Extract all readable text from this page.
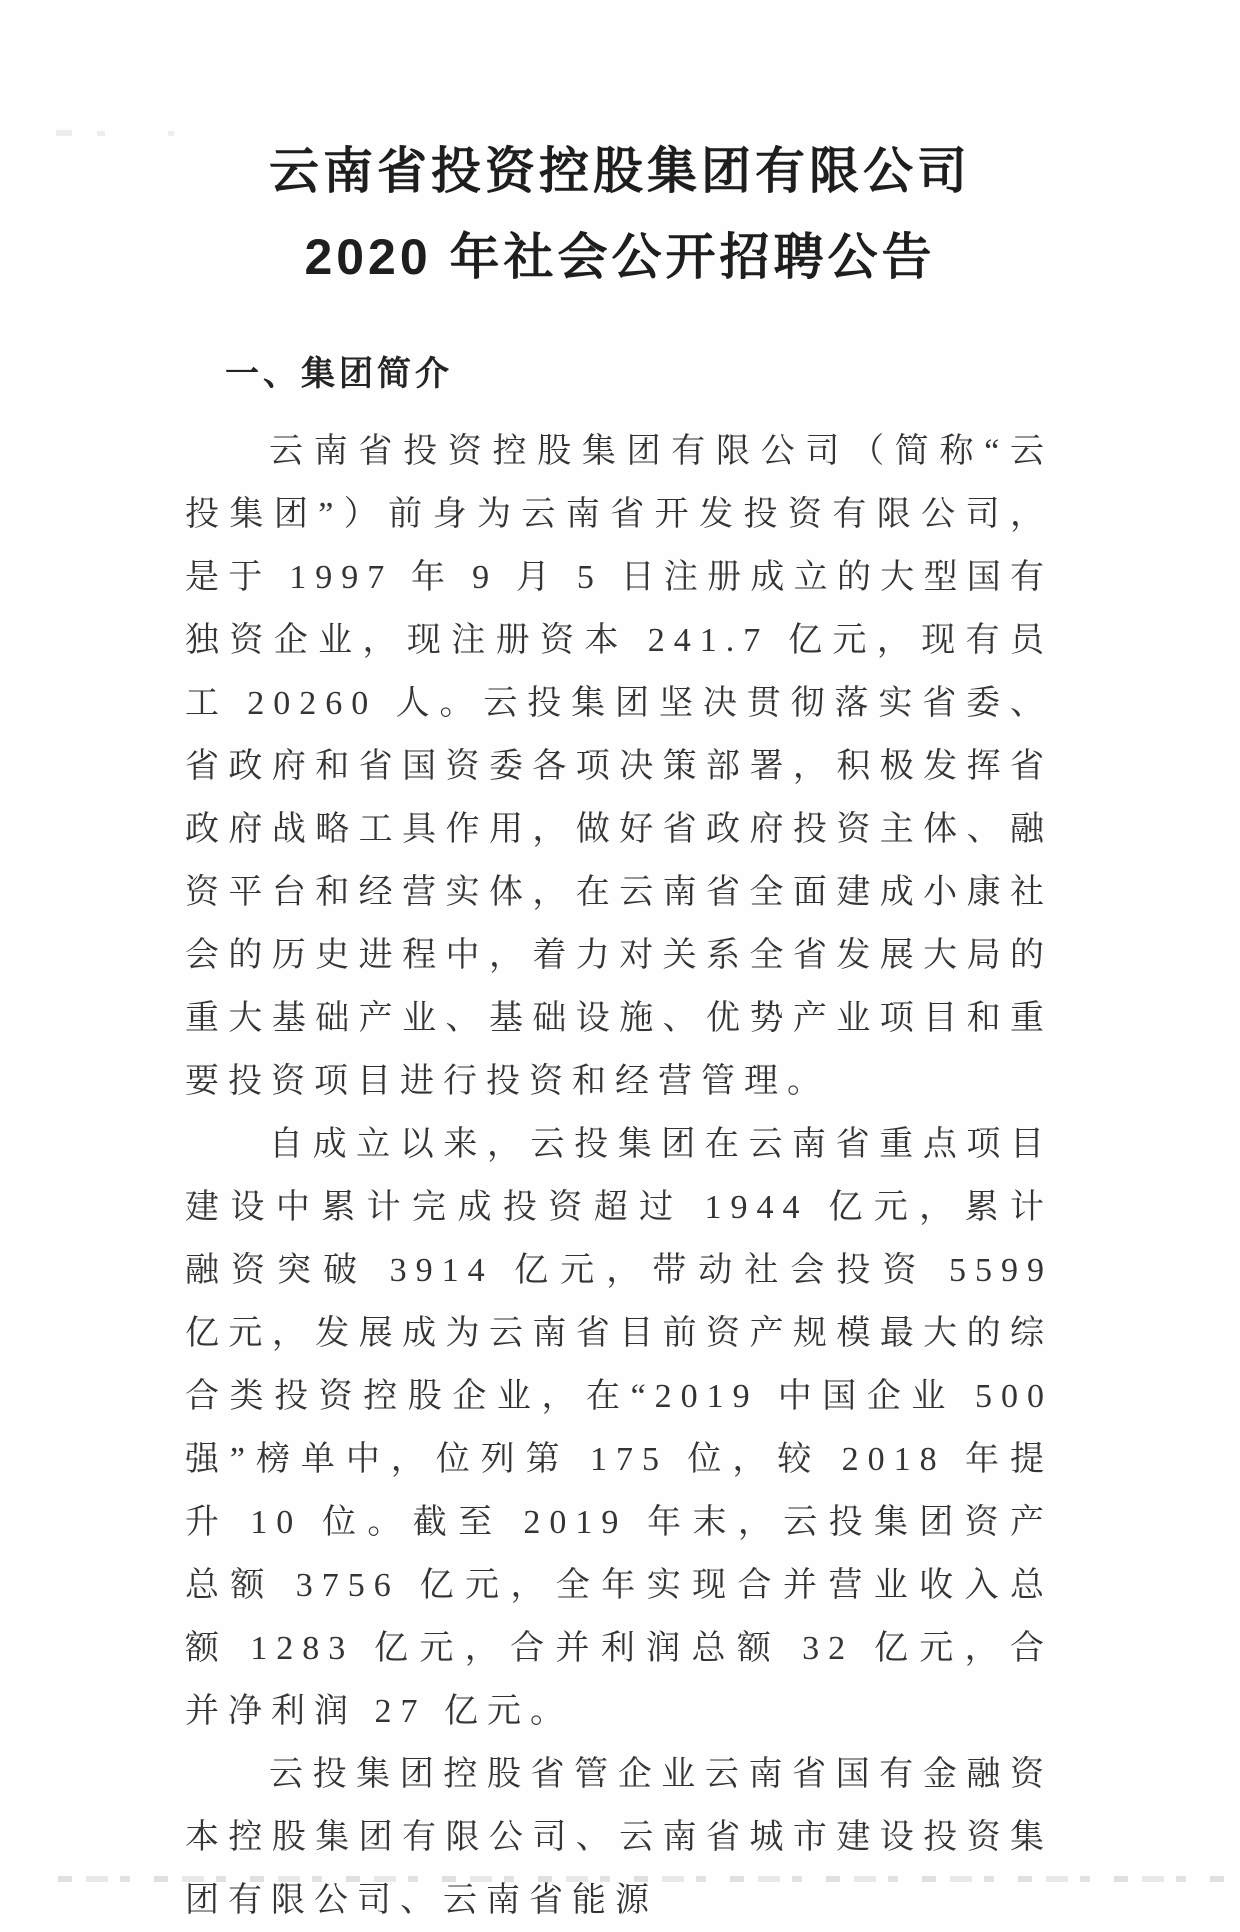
云南省投资控股集团有限公司
2020 年社会公开招聘公告
一、集团简介

云南省投资控股集团有限公司（简称“云投集团”）前身为云南省开发投资有限公司，是于 1997 年 9 月 5 日注册成立的大型国有独资企业，现注册资本 241.7 亿元，现有员工 20260 人。云投集团坚决贯彻落实省委、省政府和省国资委各项决策部署，积极发挥省政府战略工具作用，做好省政府投资主体、融资平台和经营实体，在云南省全面建成小康社会的历史进程中，着力对关系全省发展大局的重大基础产业、基础设施、优势产业项目和重要投资项目进行投资和经营管理。

自成立以来，云投集团在云南省重点项目建设中累计完成投资超过 1944 亿元，累计融资突破 3914 亿元，带动社会投资 5599 亿元，发展成为云南省目前资产规模最大的综合类投资控股企业，在“2019 中国企业 500 强”榜单中，位列第 175 位，较 2018 年提升 10 位。截至 2019 年末，云投集团资产总额 3756 亿元，全年实现合并营业收入总额 1283 亿元，合并利润总额 32 亿元，合并净利润 27 亿元。

云投集团控股省管企业云南省国有金融资本控股集团有限公司、云南省城市建设投资集团有限公司、云南省能源
